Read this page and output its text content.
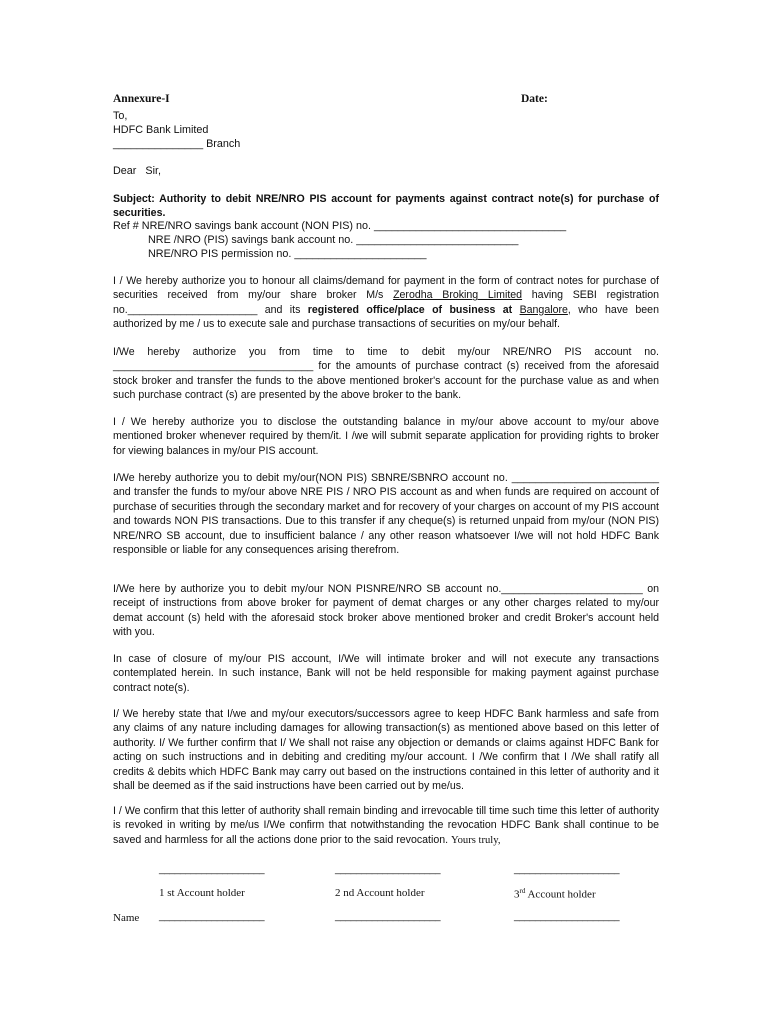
Annexure-I	Date:
To,
HDFC Bank Limited
_______________ Branch
Dear   Sir,

Subject: Authority to debit NRE/NRO PIS account for payments against contract note(s) for purchase of securities.

Ref # NRE/NRO savings bank account (NON PIS) no. ________________________________
NRE /NRO (PIS) savings bank account no. ___________________________
NRE/NRO PIS permission no. ______________________

I / We hereby authorize you to honour all claims/demand for payment in the form of contract notes for purchase of securities received from my/our share broker M/s Zerodha Broking Limited having SEBI registration no.______________________ and its registered office/place of business at Bangalore, who have been authorized by me / us to execute sale and purchase transactions of securities on my/our behalf.

I/We hereby authorize you from time to time to debit my/our NRE/NRO PIS account no. __________________________________ for the amounts of purchase contract (s) received from the aforesaid stock broker and transfer the funds to the above mentioned broker's account for the purchase value as and when such purchase contract (s) are presented by the above broker to the bank.

I / We hereby authorize you to disclose the outstanding balance in my/our above account to my/our above mentioned broker whenever required by them/it. I /we will submit separate application for providing rights to broker for viewing balances in my/our PIS account.

I/We hereby authorize you to debit my/our(NON PIS) SBNRE/SBNRO account no. _________________________ and transfer the funds to my/our above NRE PIS / NRO PIS account as and when funds are required on account of purchase of securities through the secondary market and for recovery of your charges on account of my PIS account and towards NON PIS transactions. Due to this transfer if any cheque(s) is returned unpaid from my/our (NON PIS) NRE/NRO SB account, due to insufficient balance / any other reason whatsoever I/we will not hold HDFC Bank responsible or liable for any consequences arising therefrom.

I/We here by authorize you to debit my/our NON PISNRE/NRO SB account no.________________________ on receipt of instructions from above broker for payment of demat charges or any other charges related to my/our demat account (s) held with the aforesaid stock broker above mentioned broker and credit Broker's account held with you.

In case of closure of my/our PIS account, I/We will intimate broker and will not execute any transactions contemplated herein. In such instance, Bank will not be held responsible for making payment against purchase contract note(s).

I/ We hereby state that I/we and my/our executors/successors agree to keep HDFC Bank harmless and safe from any claims of any nature including damages for allowing transaction(s) as mentioned above based on this letter of authority. I/ We further confirm that I/ We shall not raise any objection or demands or claims against HDFC Bank for acting on such instructions and in debiting and crediting my/our account. I /We confirm that I /We shall ratify all credits & debits which HDFC Bank may carry out based on the instructions contained in this letter of authority and it shall be deemed as if the said instructions have been carried out by me/us.

I / We confirm that this letter of authority shall remain binding and irrevocable till time such time this letter of authority is revoked in writing by me/us I/We confirm that notwithstanding the revocation HDFC Bank shall continue to be saved and harmless for all the actions done prior to the said revocation. Yours truly,

____________________	____________________	____________________
1 st Account holder	2 nd Account holder	3rd Account holder
Name ____________________	____________________	____________________
